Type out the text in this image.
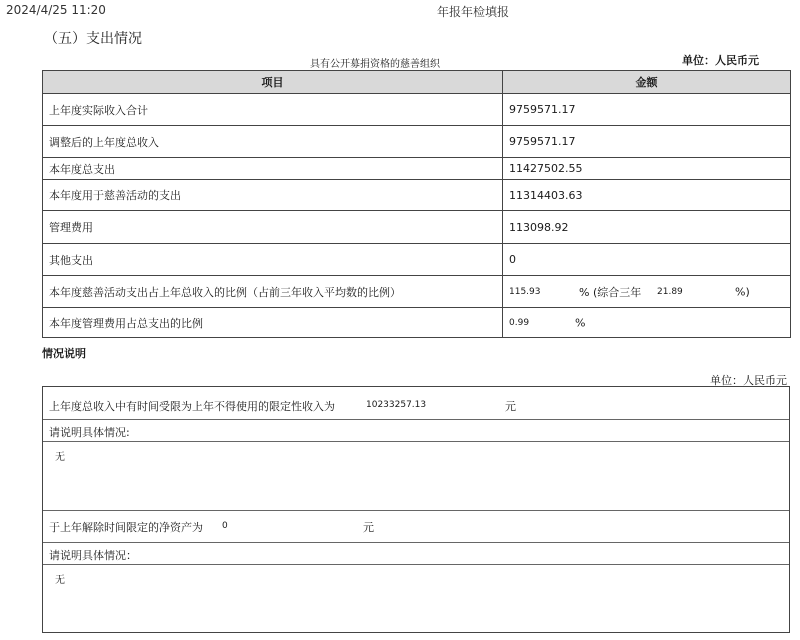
2024/4/25 11:20	年报年检填报
（五）支出情况
具有公开募捐资格的慈善组织	单位：人民币元
项目	金额
上年度实际收入合计	9759571.17
调整后的上年度总收入	9759571.17
本年度总支出	11427502.55
本年度用于慈善活动的支出	11314403.63
管理费用	113098.92
其他支出	0
本年度慈善活动支出占上年总收入的比例（占前三年收入平均数的比例）	115.93 % (综合三年 21.89 %)

本年度管理费用占总支出的比例	0.99 %
情况说明
单位：人民币元
上年度总收入中有时间受限为上年不得使用的限定性收入为	10233257.13	元
请说明具体情况:
无
于上年解除时间限定的净资产为 0	元
请说明具体情况：
无
